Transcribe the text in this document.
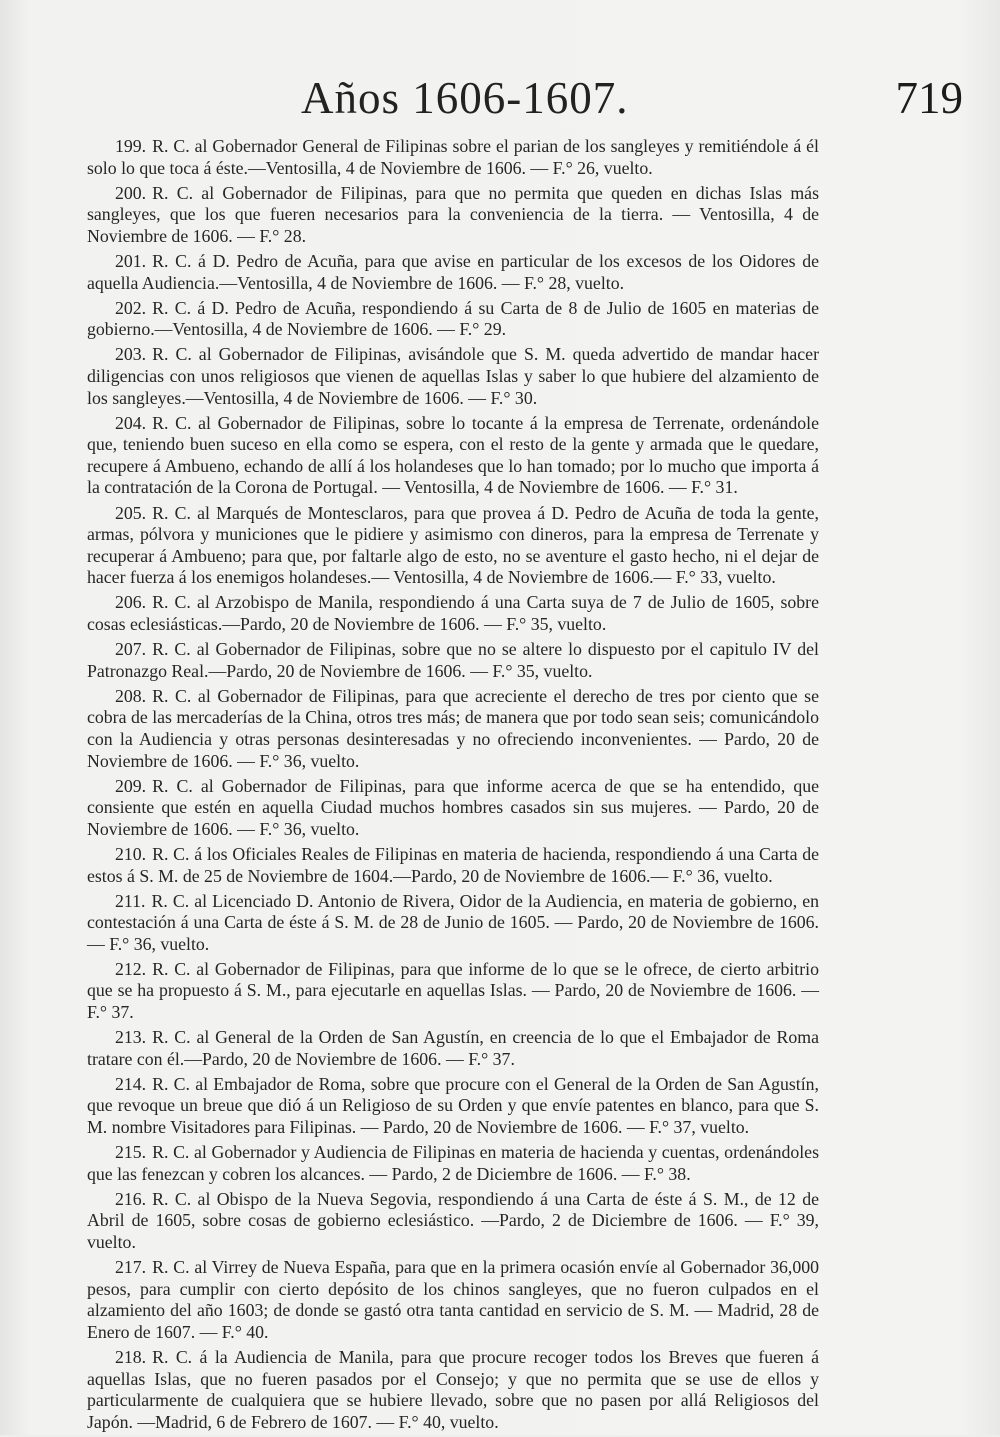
Años 1606-1607.	719

199. R. C. al Gobernador General de Filipinas sobre el parian de los sangleyes y remitiéndole á él solo lo que toca á éste.—Ventosilla, 4 de Noviembre de 1606. — F.° 26, vuelto.

200. R. C. al Gobernador de Filipinas, para que no permita que queden en dichas Islas más sangleyes, que los que fueren necesarios para la conveniencia de la tierra. — Ventosilla, 4 de Noviembre de 1606. — F.° 28.

201. R. C. á D. Pedro de Acuña, para que avise en particular de los excesos de los Oidores de aquella Audiencia.—Ventosilla, 4 de Noviembre de 1606. — F.° 28, vuelto.

202. R. C. á D. Pedro de Acuña, respondiendo á su Carta de 8 de Julio de 1605 en materias de gobierno.—Ventosilla, 4 de Noviembre de 1606. — F.° 29.

203. R. C. al Gobernador de Filipinas, avisándole que S. M. queda advertido de mandar hacer diligencias con unos religiosos que vienen de aquellas Islas y saber lo que hubiere del alzamiento de los sangleyes.—Ventosilla, 4 de Noviembre de 1606. — F.° 30.

204. R. C. al Gobernador de Filipinas, sobre lo tocante á la empresa de Terrenate, ordenándole que, teniendo buen suceso en ella como se espera, con el resto de la gente y armada que le quedare, recupere á Ambueno, echando de allí á los holandeses que lo han tomado; por lo mucho que importa á la contratación de la Corona de Portugal. — Ventosilla, 4 de Noviembre de 1606. — F.° 31.

205. R. C. al Marqués de Montesclaros, para que provea á D. Pedro de Acuña de toda la gente, armas, pólvora y municiones que le pidiere y asimismo con dineros, para la empresa de Terrenate y recuperar á Ambueno; para que, por faltarle algo de esto, no se aventure el gasto hecho, ni el dejar de hacer fuerza á los enemigos holandeses.— Ventosilla, 4 de Noviembre de 1606.— F.° 33, vuelto.

206. R. C. al Arzobispo de Manila, respondiendo á una Carta suya de 7 de Julio de 1605, sobre cosas eclesiásticas.—Pardo, 20 de Noviembre de 1606. — F.° 35, vuelto.

207. R. C. al Gobernador de Filipinas, sobre que no se altere lo dispuesto por el capitulo IV del Patronazgo Real.—Pardo, 20 de Noviembre de 1606. — F.° 35, vuelto.

208. R. C. al Gobernador de Filipinas, para que acreciente el derecho de tres por ciento que se cobra de las mercaderías de la China, otros tres más; de manera que por todo sean seis; comunicándolo con la Audiencia y otras personas desinteresadas y no ofreciendo inconvenientes. — Pardo, 20 de Noviembre de 1606. — F.° 36, vuelto.

209. R. C. al Gobernador de Filipinas, para que informe acerca de que se ha entendido, que consiente que estén en aquella Ciudad muchos hombres casados sin sus mujeres. — Pardo, 20 de Noviembre de 1606. — F.° 36, vuelto.

210. R. C. á los Oficiales Reales de Filipinas en materia de hacienda, respondiendo á una Carta de estos á S. M. de 25 de Noviembre de 1604.—Pardo, 20 de Noviembre de 1606.— F.° 36, vuelto.

211. R. C. al Licenciado D. Antonio de Rivera, Oidor de la Audiencia, en materia de gobierno, en contestación á una Carta de éste á S. M. de 28 de Junio de 1605. — Pardo, 20 de Noviembre de 1606. — F.° 36, vuelto.

212. R. C. al Gobernador de Filipinas, para que informe de lo que se le ofrece, de cierto arbitrio que se ha propuesto á S. M., para ejecutarle en aquellas Islas. — Pardo, 20 de Noviembre de 1606. — F.° 37.

213. R. C. al General de la Orden de San Agustín, en creencia de lo que el Embajador de Roma tratare con él.—Pardo, 20 de Noviembre de 1606. — F.° 37.

214. R. C. al Embajador de Roma, sobre que procure con el General de la Orden de San Agustín, que revoque un breue que dió á un Religioso de su Orden y que envíe patentes en blanco, para que S. M. nombre Visitadores para Filipinas. — Pardo, 20 de Noviembre de 1606. — F.° 37, vuelto.

215. R. C. al Gobernador y Audiencia de Filipinas en materia de hacienda y cuentas, ordenándoles que las fenezcan y cobren los alcances. — Pardo, 2 de Diciembre de 1606. — F.° 38.

216. R. C. al Obispo de la Nueva Segovia, respondiendo á una Carta de éste á S. M., de 12 de Abril de 1605, sobre cosas de gobierno eclesiástico. —Pardo, 2 de Diciembre de 1606. — F.° 39, vuelto.

217. R. C. al Virrey de Nueva España, para que en la primera ocasión envíe al Gobernador 36,000 pesos, para cumplir con cierto depósito de los chinos sangleyes, que no fueron culpados en el alzamiento del año 1603; de donde se gastó otra tanta cantidad en servicio de S. M. — Madrid, 28 de Enero de 1607. — F.° 40.

218. R. C. á la Audiencia de Manila, para que procure recoger todos los Breves que fueren á aquellas Islas, que no fueren pasados por el Consejo; y que no permita que se use de ellos y particularmente de cualquiera que se hubiere llevado, sobre que no pasen por allá Religiosos del Japón. —Madrid, 6 de Febrero de 1607. — F.° 40, vuelto.
